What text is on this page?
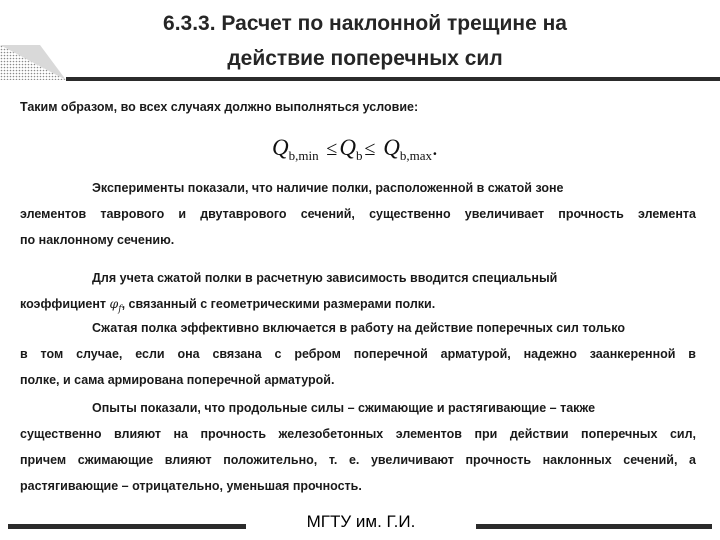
6.3.3. Расчет по наклонной трещине на
действие поперечных сил
Таким образом, во всех случаях должно выполняться условие:
$Q_{b,min} \le Q_b \le Q_{b,max}$.
Эксперименты показали, что наличие полки, расположенной в сжатой зоне
элементов таврового и двутаврового сечений, существенно увеличивает прочность элемента
по наклонному сечению.
Для учета сжатой полки в расчетную зависимость вводится специальный
коэффициент $\varphi_f$, связанный с геометрическими размерами полки.
Сжатая полка эффективно включается в работу на действие поперечных сил только
в том случае, если она связана с ребром поперечной арматурой, надежно заанкеренной в
полке, и сама армирована поперечной арматурой.
Опыты показали, что продольные силы – сжимающие и растягивающие – также
существенно влияют на прочность железобетонных элементов при действии поперечных сил,
причем сжимающие влияют положительно, т. е. увеличивают прочность наклонных сечений, а
растягивающие – отрицательно, уменьшая прочность.
МГТУ им. Г.И.
